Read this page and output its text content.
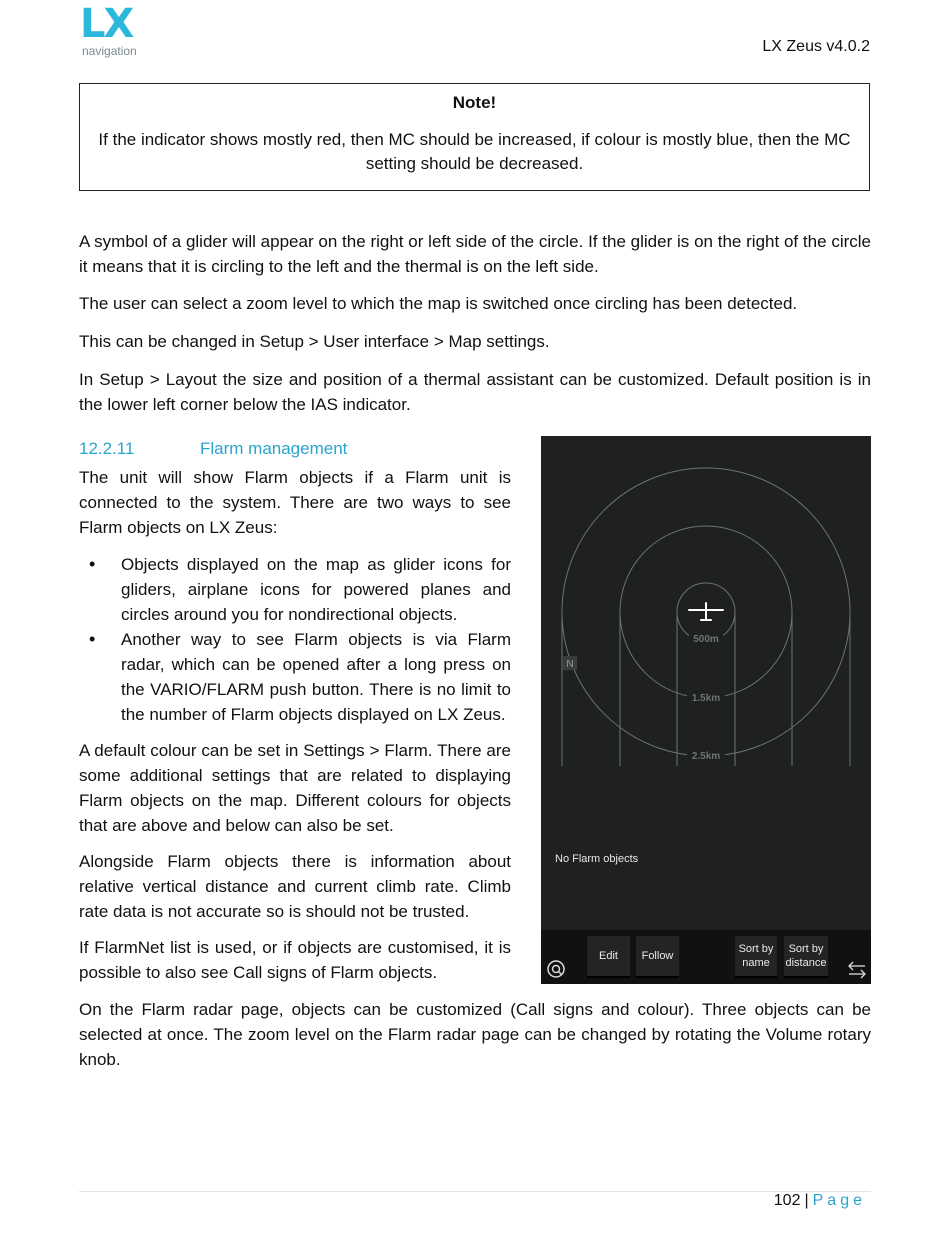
LX
navigation	LX Zeus v4.0.2
Note!
If the indicator shows mostly red, then MC should be increased, if colour is mostly blue, then the MC setting should be decreased.

A symbol of a glider will appear on the right or left side of the circle. If the glider is on the right of the circle it means that it is circling to the left and the thermal is on the left side.

The user can select a zoom level to which the map is switched once circling has been detected.

This can be changed in Setup > User interface > Map settings.

In Setup > Layout the size and position of a thermal assistant can be customized. Default position is in the lower left corner below the IAS indicator.

12.2.11	Flarm management

The unit will show Flarm objects if a Flarm unit is connected to the system. There are two ways to see Flarm objects on LX Zeus:

• Objects displayed on the map as glider icons for gliders, airplane icons for powered planes and circles around you for nondirectional objects.
• Another way to see Flarm objects is via Flarm radar, which can be opened after a long press on the VARIO/FLARM push button. There is no limit to the number of Flarm objects displayed on LX Zeus.

A default colour can be set in Settings > Flarm. There are some additional settings that are related to displaying Flarm objects on the map. Different colours for objects that are above and below can also be set.

Alongside Flarm objects there is information about relative vertical distance and current climb rate. Climb rate data is not accurate so is should not be trusted.

If FlarmNet list is used, or if objects are customised, it is possible to also see Call signs of Flarm objects.

N
500m
1.5km
2.5km
No Flarm objects
Edit Follow
Sort by
name
Sort by
distance

On the Flarm radar page, objects can be customized (Call signs and colour). Three objects can be selected at once. The zoom level on the Flarm radar page can be changed by rotating the Volume rotary knob.

102 | Page
